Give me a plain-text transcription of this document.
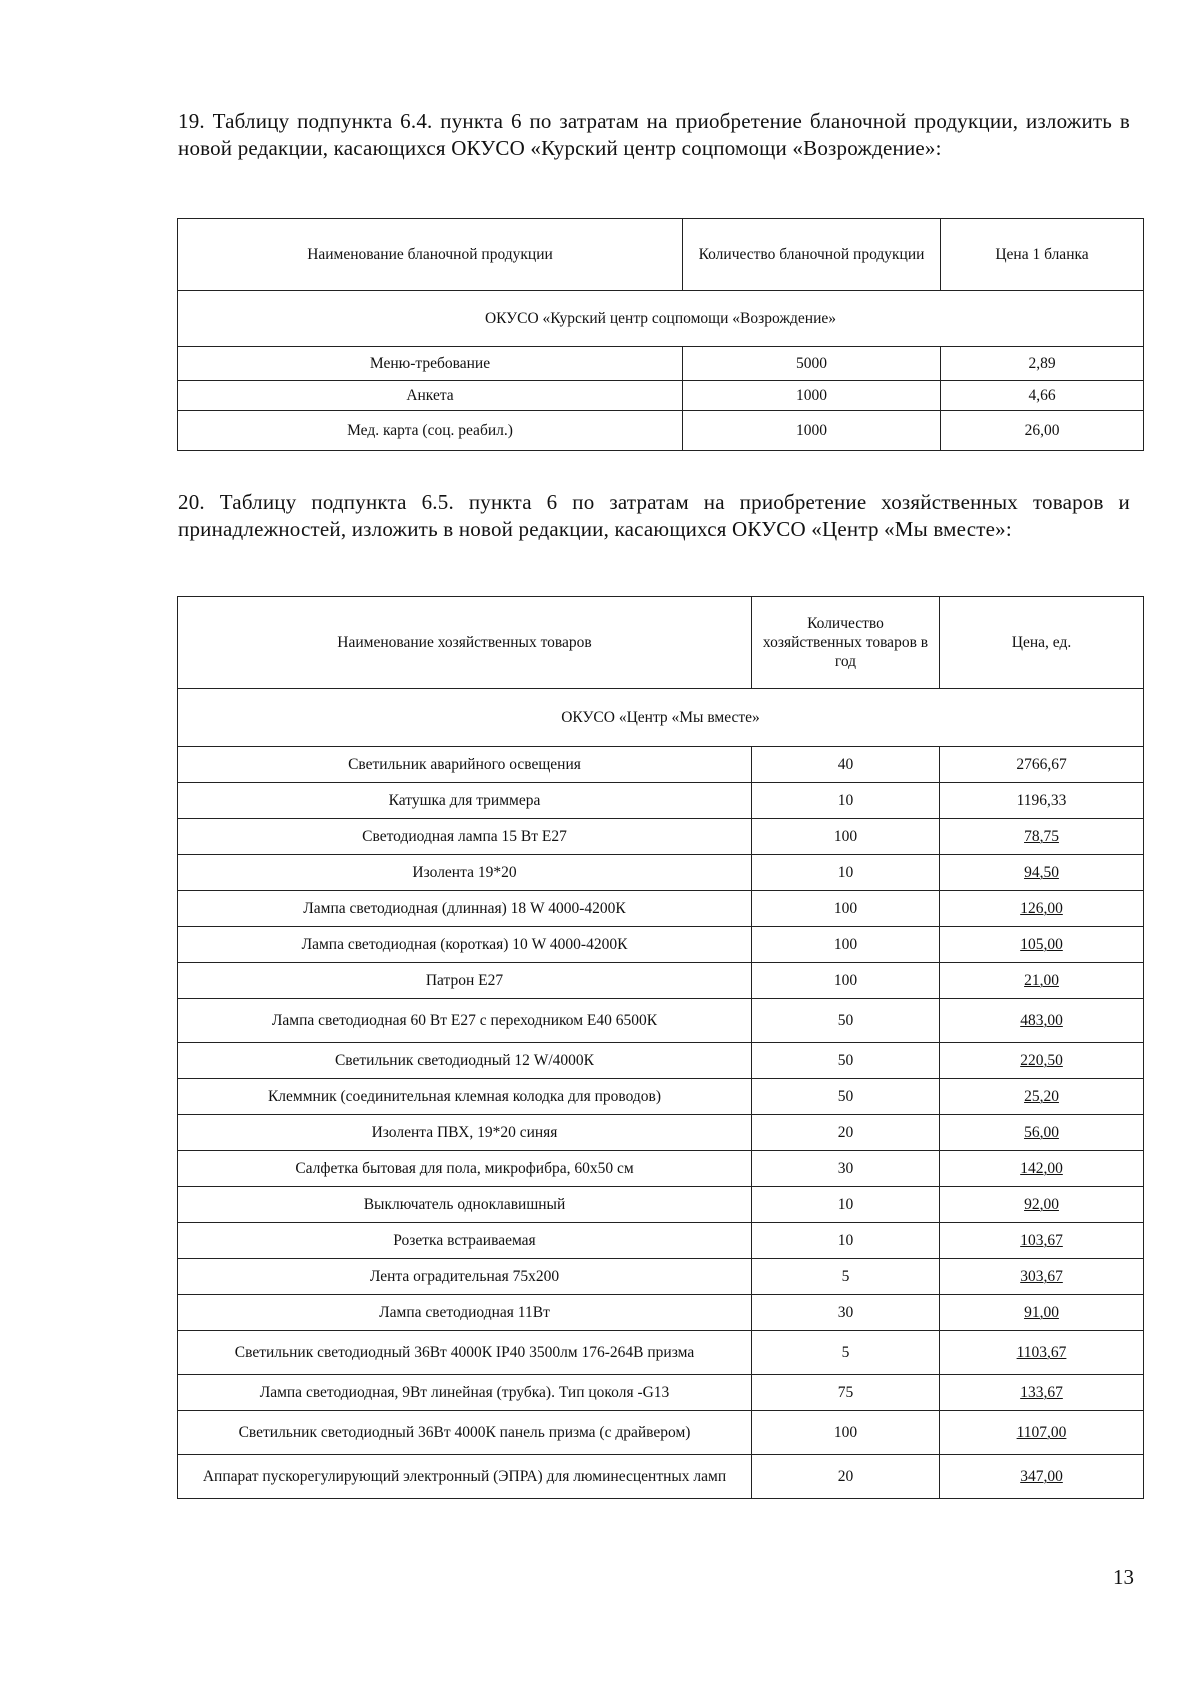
19. Таблицу подпункта 6.4. пункта 6 по затратам на приобретение бланочной продукции, изложить в новой редакции, касающихся ОКУСО «Курский центр соцпомощи «Возрождение»:

Наименование бланочной продукции	Количество бланочной продукции	Цена 1 бланка
ОКУСО «Курский центр соцпомощи «Возрождение»		
Меню-требование	5000	2,89
Анкета	1000	4,66
Мед. карта (соц. реабил.)	1000	26,00

20. Таблицу подпункта 6.5. пункта 6 по затратам на приобретение хозяйственных товаров и принадлежностей, изложить в новой редакции, касающихся ОКУСО «Центр «Мы вместе»:

Наименование хозяйственных товаров	Количество хозяйственных товаров в год	Цена, ед.
ОКУСО «Центр «Мы вместе»		
Светильник аварийного освещения	40	2766,67
Катушка для триммера	10	1196,33
Светодиодная лампа 15 Вт Е27	100	78,75
Изолента 19*20	10	94,50
Лампа светодиодная (длинная) 18 W 4000-4200К	100	126,00
Лампа светодиодная (короткая) 10 W 4000-4200К	100	105,00
Патрон Е27	100	21,00
Лампа светодиодная 60 Вт Е27 с переходником Е40 6500К	50	483,00
Светильник светодиодный 12 W/4000К	50	220,50
Клеммник (соединительная клемная колодка для проводов)	50	25,20
Изолента ПВХ, 19*20 синяя	20	56,00
Салфетка бытовая для пола, микрофибра, 60х50 см	30	142,00
Выключатель одноклавишный	10	92,00
Розетка встраиваемая	10	103,67
Лента оградительная 75х200	5	303,67
Лампа светодиодная 11Вт	30	91,00
Светильник светодиодный 36Вт 4000К IP40 3500лм 176-264В призма	5	1103,67
Лампа светодиодная, 9Вт линейная (трубка). Тип цоколя -G13	75	133,67
Светильник светодиодный 36Вт 4000К панель призма (с драйвером)	100	1107,00
Аппарат пускорегулирующий электронный (ЭПРА) для люминесцентных ламп	20	347,00
13
